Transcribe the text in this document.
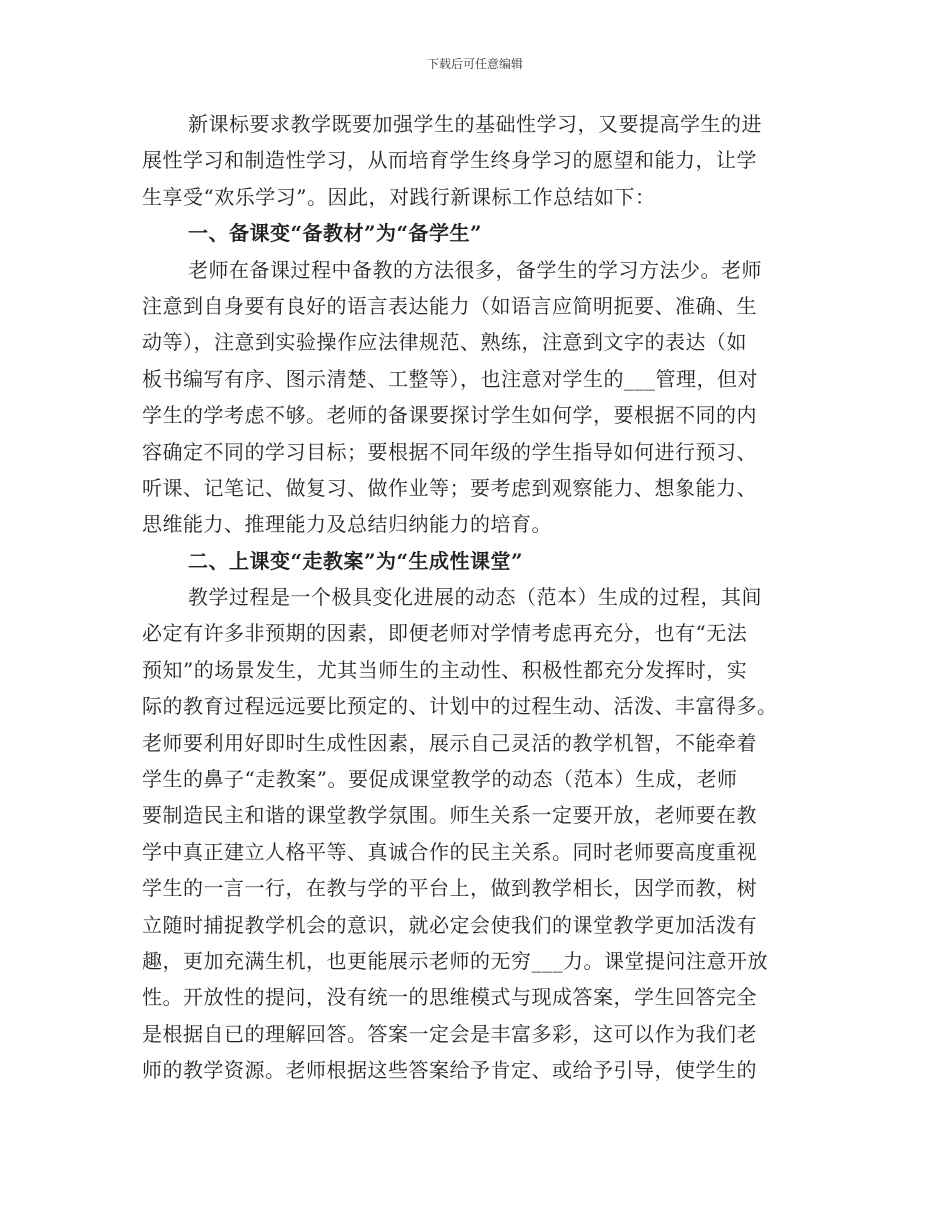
下载后可任意编辑
新课标要求教学既要加强学生的基础性学习，又要提高学生的进
展性学习和制造性学习，从而培育学生终身学习的愿望和能力，让学
生享受“欢乐学习”。因此，对践行新课标工作总结如下：
一、备课变“备教材”为“备学生”
老师在备课过程中备教的方法很多，备学生的学习方法少。老师
注意到自身要有良好的语言表达能力（如语言应简明扼要、准确、生
动等），注意到实验操作应法律规范、熟练，注意到文字的表达（如
板书编写有序、图示清楚、工整等），也注意对学生的___管理，但对
学生的学考虑不够。老师的备课要探讨学生如何学，要根据不同的内
容确定不同的学习目标；要根据不同年级的学生指导如何进行预习、
听课、记笔记、做复习、做作业等；要考虑到观察能力、想象能力、
思维能力、推理能力及总结归纳能力的培育。
二、上课变“走教案”为“生成性课堂”
教学过程是一个极具变化进展的动态（范本）生成的过程，其间
必定有许多非预期的因素，即便老师对学情考虑再充分，也有“无法
预知”的场景发生，尤其当师生的主动性、积极性都充分发挥时，实
际的教育过程远远要比预定的、计划中的过程生动、活泼、丰富得多。
老师要利用好即时生成性因素，展示自己灵活的教学机智，不能牵着
学生的鼻子“走教案”。要促成课堂教学的动态（范本）生成，老师
要制造民主和谐的课堂教学氛围。师生关系一定要开放，老师要在教
学中真正建立人格平等、真诚合作的民主关系。同时老师要高度重视
学生的一言一行，在教与学的平台上，做到教学相长，因学而教，树
立随时捕捉教学机会的意识，就必定会使我们的课堂教学更加活泼有
趣，更加充满生机，也更能展示老师的无穷___力。课堂提问注意开放
性。开放性的提问，没有统一的思维模式与现成答案，学生回答完全
是根据自已的理解回答。答案一定会是丰富多彩，这可以作为我们老
师的教学资源。老师根据这些答案给予肯定、或给予引导，使学生的
